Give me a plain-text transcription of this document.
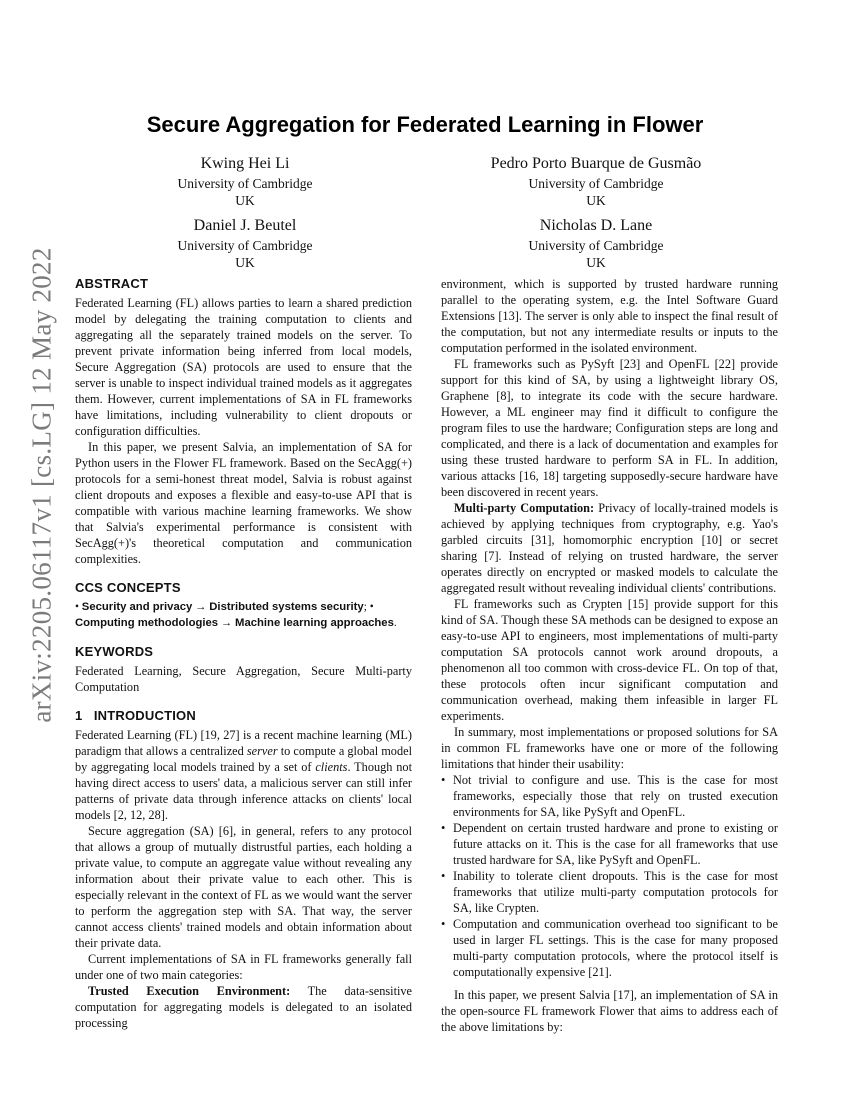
arXiv:2205.06117v1 [cs.LG] 12 May 2022
Secure Aggregation for Federated Learning in Flower
Kwing Hei Li
University of Cambridge
UK
Pedro Porto Buarque de Gusmão
University of Cambridge
UK
Daniel J. Beutel
University of Cambridge
UK
Nicholas D. Lane
University of Cambridge
UK
ABSTRACT

Federated Learning (FL) allows parties to learn a shared prediction model by delegating the training computation to clients and aggregating all the separately trained models on the server. To prevent private information being inferred from local models, Secure Aggregation (SA) protocols are used to ensure that the server is unable to inspect individual trained models as it aggregates them. However, current implementations of SA in FL frameworks have limitations, including vulnerability to client dropouts or configuration difficulties.

In this paper, we present Salvia, an implementation of SA for Python users in the Flower FL framework. Based on the SecAgg(+) protocols for a semi-honest threat model, Salvia is robust against client dropouts and exposes a flexible and easy-to-use API that is compatible with various machine learning frameworks. We show that Salvia's experimental performance is consistent with SecAgg(+)'s theoretical computation and communication complexities.

CCS CONCEPTS

• Security and privacy → Distributed systems security; • Computing methodologies → Machine learning approaches.

KEYWORDS

Federated Learning, Secure Aggregation, Secure Multi-party Computation

1   INTRODUCTION

Federated Learning (FL) [19, 27] is a recent machine learning (ML) paradigm that allows a centralized server to compute a global model by aggregating local models trained by a set of clients. Though not having direct access to users' data, a malicious server can still infer patterns of private data through inference attacks on clients' local models [2, 12, 28].

Secure aggregation (SA) [6], in general, refers to any protocol that allows a group of mutually distrustful parties, each holding a private value, to compute an aggregate value without revealing any information about their private value to each other. This is especially relevant in the context of FL as we would want the server to perform the aggregation step with SA. That way, the server cannot access clients' trained models and obtain information about their private data.

Current implementations of SA in FL frameworks generally fall under one of two main categories:

Trusted Execution Environment: The data-sensitive computation for aggregating models is delegated to an isolated processing

environment, which is supported by trusted hardware running parallel to the operating system, e.g. the Intel Software Guard Extensions [13]. The server is only able to inspect the final result of the computation, but not any intermediate results or inputs to the computation performed in the isolated environment.

FL frameworks such as PySyft [23] and OpenFL [22] provide support for this kind of SA, by using a lightweight library OS, Graphene [8], to integrate its code with the secure hardware. However, a ML engineer may find it difficult to configure the program files to use the hardware; Configuration steps are long and complicated, and there is a lack of documentation and examples for using these trusted hardware to perform SA in FL. In addition, various attacks [16, 18] targeting supposedly-secure hardware have been discovered in recent years.

Multi-party Computation: Privacy of locally-trained models is achieved by applying techniques from cryptography, e.g. Yao's garbled circuits [31], homomorphic encryption [10] or secret sharing [7]. Instead of relying on trusted hardware, the server operates directly on encrypted or masked models to calculate the aggregated result without revealing individual clients' contributions.

FL frameworks such as Crypten [15] provide support for this kind of SA. Though these SA methods can be designed to expose an easy-to-use API to engineers, most implementations of multi-party computation SA protocols cannot work around dropouts, a phenomenon all too common with cross-device FL. On top of that, these protocols often incur significant computation and communication overhead, making them infeasible in larger FL experiments.

In summary, most implementations or proposed solutions for SA in common FL frameworks have one or more of the following limitations that hinder their usability:

• Not trivial to configure and use. This is the case for most frameworks, especially those that rely on trusted execution environments for SA, like PySyft and OpenFL.
• Dependent on certain trusted hardware and prone to existing or future attacks on it. This is the case for all frameworks that use trusted hardware for SA, like PySyft and OpenFL.
• Inability to tolerate client dropouts. This is the case for most frameworks that utilize multi-party computation protocols for SA, like Crypten.
• Computation and communication overhead too significant to be used in larger FL settings. This is the case for many proposed multi-party computation protocols, where the protocol itself is computationally expensive [21].

In this paper, we present Salvia [17], an implementation of SA in the open-source FL framework Flower that aims to address each of the above limitations by:
